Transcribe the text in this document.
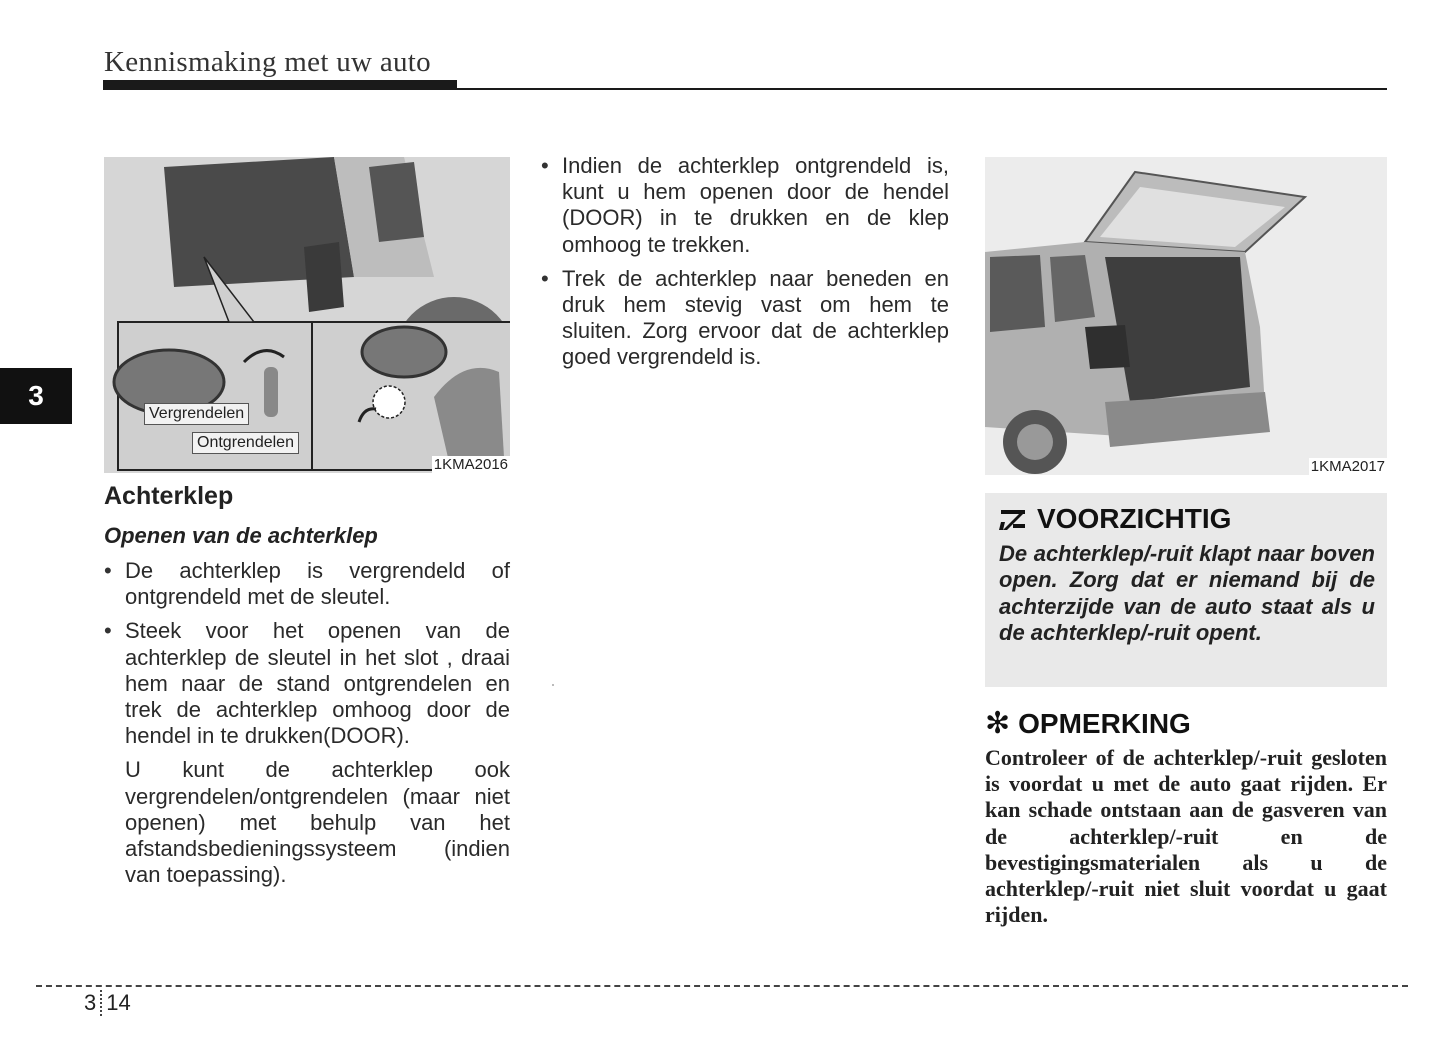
Kennismaking met uw auto
3
Vergrendelen
Ontgrendelen
1KMA2016	1KMA2017
Achterklep
Openen van de achterklep
• De achterklep is vergrendeld of ontgrendeld met de sleutel.
• Steek voor het openen van de achterklep de sleutel in het slot , draai hem naar de stand ontgrendelen en trek de achterklep omhoog door de hendel in te drukken(DOOR).
U kunt de achterklep ook vergrendelen/ontgrendelen (maar niet openen) met behulp van het afstandsbedieningssysteem (indien van toepassing).
• Indien de achterklep ontgrendeld is, kunt u hem openen door de hendel (DOOR) in te drukken en de klep omhoog te trekken.
• Trek de achterklep naar beneden en druk hem stevig vast om hem te sluiten. Zorg ervoor dat de achterklep goed vergrendeld is.
VOORZICHTIG
De achterklep/-ruit klapt naar boven open. Zorg dat er niemand bij de achterzijde van de auto staat als u de achterklep/-ruit opent.
✻ OPMERKING
Controleer of de achterklep/-ruit gesloten is voordat u met de auto gaat rijden. Er kan schade ontstaan aan de gasveren van de achterklep/-ruit en de bevestigingsmaterialen als u de achterklep/-ruit niet sluit voordat u gaat rijden.
3 14
